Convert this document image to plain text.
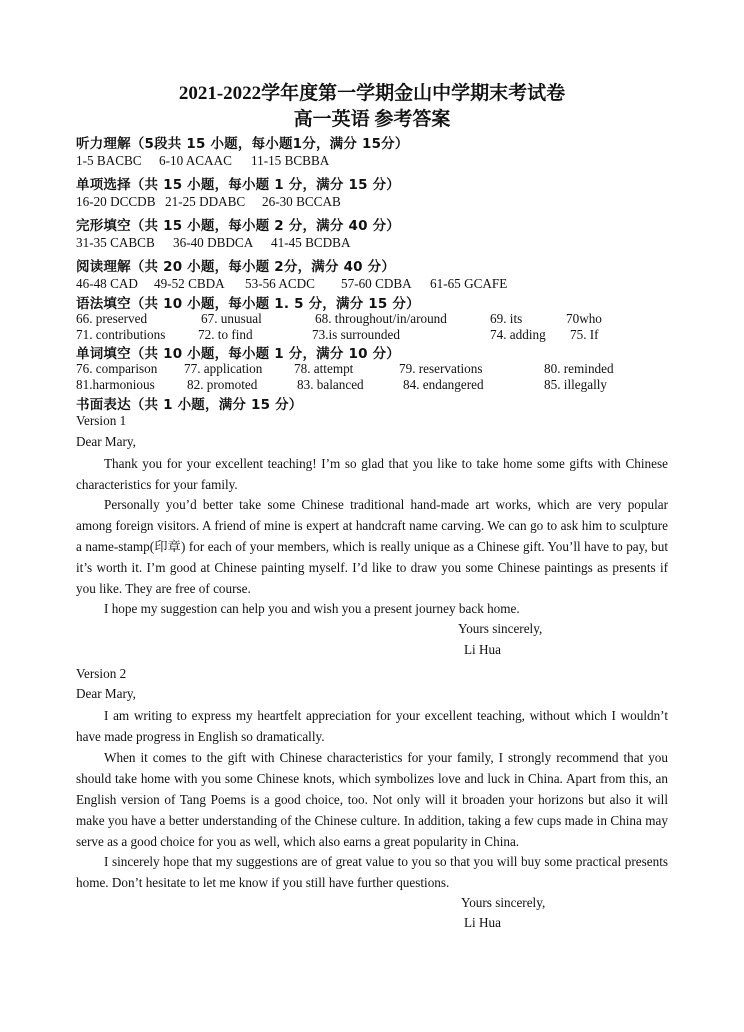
2021-2022学年度第一学期金山中学期末考试卷
高一英语 参考答案
听力理解（5段共 15 小题，每小题1分，满分 15分）
1-5 BACBC 6-10 ACAAC 11-15 BCBBA
单项选择（共 15 小题，每小题 1 分，满分 15 分）
16-20 DCCDB 21-25 DDABC 26-30 BCCAB
完形填空（共 15 小题，每小题 2 分，满分 40 分）
31-35 CABCB 36-40 DBDCA 41-45 BCDBA
阅读理解（共 20 小题，每小题 2分，满分 40 分）
46-48 CAD 49-52 CBDA 53-56 ACDC 57-60 CDBA 61-65 GCAFE
语法填空（共 10 小题，每小题 1. 5 分，满分 15 分）
66. preserved	67. unusual	68. throughout/in/around	69. its	70who
71. contributions 72. to find	73.is surrounded	74. adding 75. If
单词填空（共 10 小题，每小题 1 分，满分 10 分）
76. comparison 77. application 78. attempt	79. reservations	80. reminded
81.harmonious 82. promoted	83. balanced	84. endangered	85. illegally
书面表达（共 1 小题，满分 15 分）
Version 1
Dear Mary,
Thank you for your excellent teaching! I’m so glad that you like to take home some gifts with Chinese characteristics for your family.
Personally you’d better take some Chinese traditional hand-made art works, which are very popular among foreign visitors. A friend of mine is expert at handcraft name carving. We can go to ask him to sculpture a name-stamp(印章) for each of your members, which is really unique as a Chinese gift. You’ll have to pay, but it’s worth it. I’m good at Chinese painting myself. I’d like to draw you some Chinese paintings as presents if you like. They are free of course.
I hope my suggestion can help you and wish you a present journey back home.
Yours sincerely,
Li Hua
Version 2
Dear Mary,
I am writing to express my heartfelt appreciation for your excellent teaching, without which I wouldn’t have made progress in English so dramatically.
When it comes to the gift with Chinese characteristics for your family, I strongly recommend that you should take home with you some Chinese knots, which symbolizes love and luck in China. Apart from this, an English version of Tang Poems is a good choice, too. Not only will it broaden your horizons but also it will make you have a better understanding of the Chinese culture. In addition, taking a few cups made in China may serve as a good choice for you as well, which also earns a great popularity in China.
I sincerely hope that my suggestions are of great value to you so that you will buy some practical presents home. Don’t hesitate to let me know if you still have further questions.
Yours sincerely,
Li Hua
